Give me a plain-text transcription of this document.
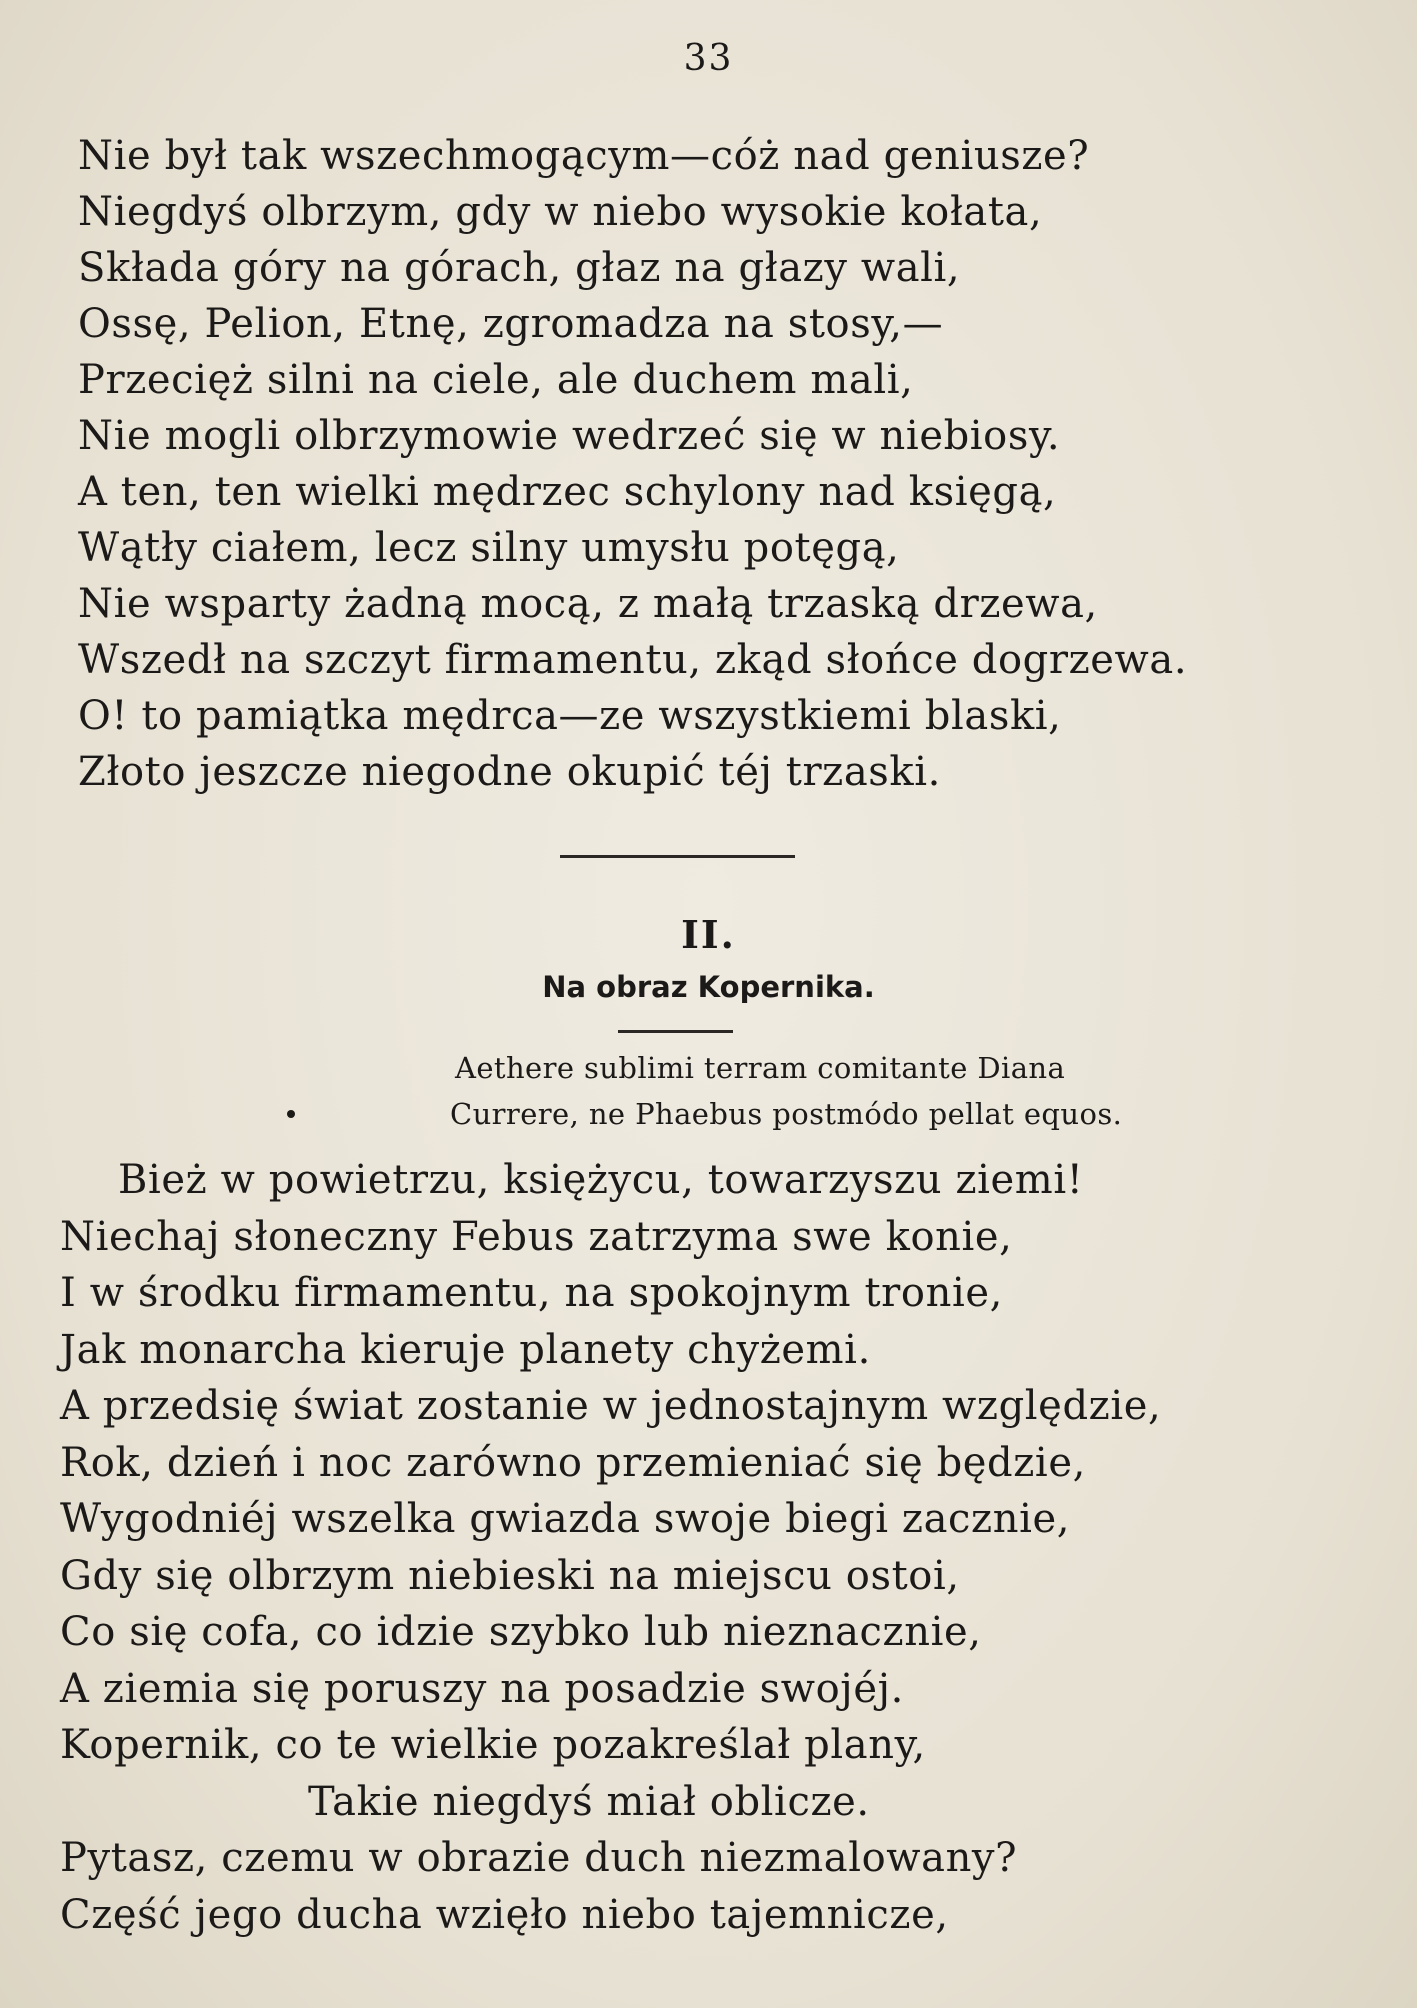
33
Nie był tak wszechmogącym—cóż nad geniusze?
Niegdyś olbrzym, gdy w niebo wysokie kołata,
Składa góry na górach, głaz na głazy wali,
Ossę, Pelion, Etnę, zgromadza na stosy,—
Przecięż silni na ciele, ale duchem mali,
Nie mogli olbrzymowie wedrzeć się w niebiosy.
A ten, ten wielki mędrzec schylony nad księgą,
Wątły ciałem, lecz silny umysłu potęgą,
Nie wsparty żadną mocą, z małą trzaską drzewa,
Wszedł na szczyt firmamentu, zkąd słońce dogrzewa.
O! to pamiątka mędrca—ze wszystkiemi blaski,
Złoto jeszcze niegodne okupić téj trzaski.
II.
Na obraz Kopernika.
Aethere sublimi terram comitante Diana
Currere, ne Phaebus postmódo pellat equos.
Bież w powietrzu, księżycu, towarzyszu ziemi!
Niechaj słoneczny Febus zatrzyma swe konie,
I w środku firmamentu, na spokojnym tronie,
Jak monarcha kieruje planety chyżemi.
A przedsię świat zostanie w jednostajnym względzie,
Rok, dzień i noc zarówno przemieniać się będzie,
Wygodniéj wszelka gwiazda swoje biegi zacznie,
Gdy się olbrzym niebieski na miejscu ostoi,
Co się cofa, co idzie szybko lub nieznacznie,
A ziemia się poruszy na posadzie swojéj.
Kopernik, co te wielkie pozakreślał plany,
Takie niegdyś miał oblicze.
Pytasz, czemu w obrazie duch niezmalowany?
Część jego ducha wzięło niebo tajemnicze,
